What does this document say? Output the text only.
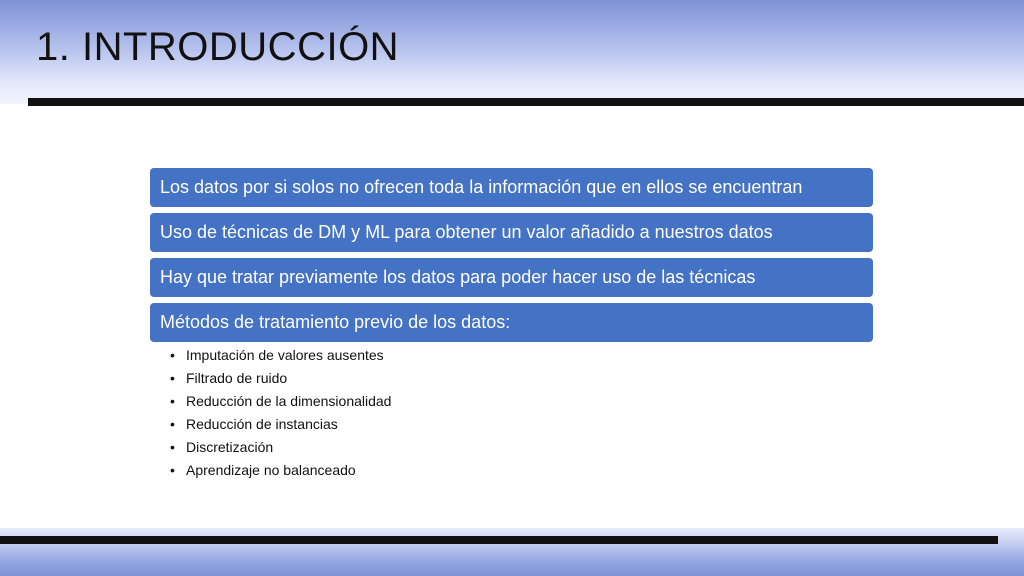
1. INTRODUCCIÓN
Los datos por si solos no ofrecen toda la información que en ellos se encuentran
Uso de técnicas de DM y ML para obtener un valor añadido a nuestros datos
Hay que tratar previamente los datos para poder hacer uso de las técnicas
Métodos de tratamiento previo de los datos:
• Imputación de valores ausentes
• Filtrado de ruido
• Reducción de la dimensionalidad
• Reducción de instancias
• Discretización
• Aprendizaje no balanceado
